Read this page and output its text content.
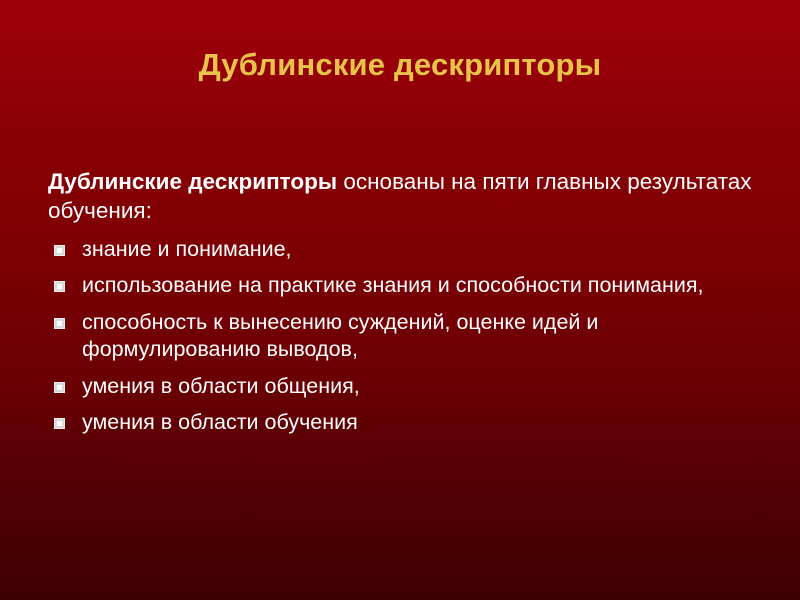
Дублинские дескрипторы

Дублинские дескрипторы основаны на пяти главных результатах обучения:

знание и понимание,
использование на практике знания и способности понимания,
способность к вынесению суждений, оценке идей и формулированию выводов,
умения в области общения,
умения в области обучения
